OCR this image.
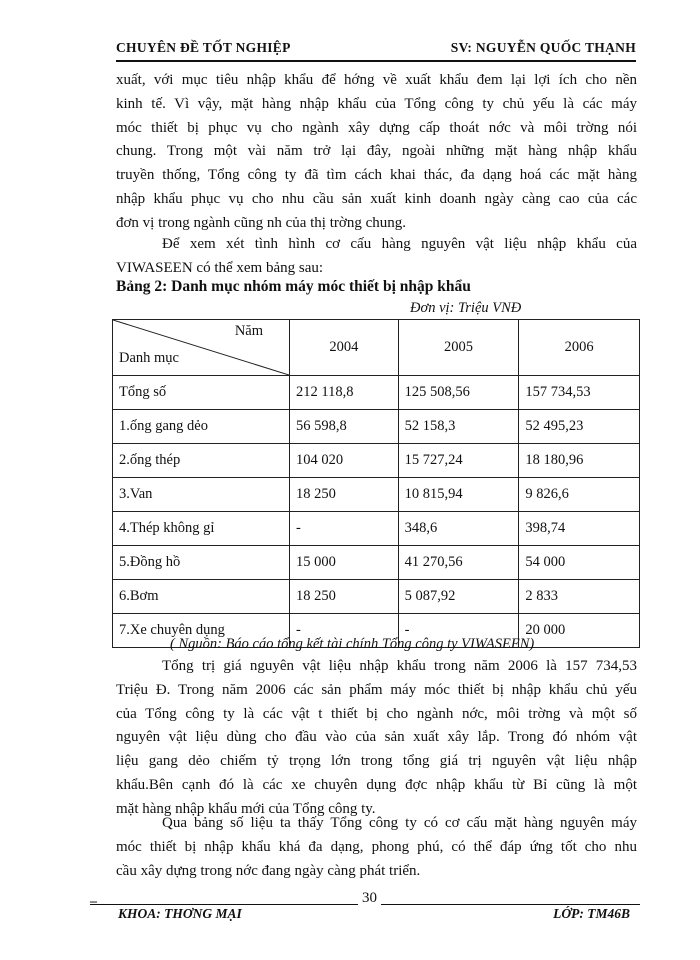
CHUYÊN ĐỀ TỐT NGHIỆP	SV: NGUYỄN QUỐC THẠNH
xuất, với mục tiêu nhập khẩu để hớng về xuất khẩu đem lại lợi ích cho nền
kinh tế. Vì vậy, mặt hàng nhập khẩu của Tổng công ty chủ yếu là các máy
móc thiết bị phục vụ cho ngành xây dựng cấp thoát nớc và môi trờng nói
chung. Trong một vài năm trở lại đây, ngoài những mặt hàng nhập khẩu
truyền thống, Tổng công ty đã tìm cách khai thác, đa dạng hoá các mặt hàng
nhập khẩu phục vụ cho nhu cầu sản xuất kinh doanh ngày càng cao của các
đơn vị trong ngành cũng nh của thị trờng chung.
Để xem xét tình hình cơ cấu hàng nguyên vật liệu nhập khẩu của
VIWASEEN có thể xem bảng sau:

Bảng 2: Danh mục nhóm máy móc thiết bị nhập khẩu

Đơn vị: Triệu VNĐ
Năm
Danh mục	2004	2005	2006
Tổng số	212 118,8	125 508,56	157 734,53
1.ống gang dẻo	56 598,8	52 158,3	52 495,23
2.ống thép	104 020	15 727,24	18 180,96
3.Van	18 250	10 815,94	9 826,6
4.Thép không gỉ	-	348,6	398,74
5.Đồng hồ	15 000	41 270,56	54 000
6.Bơm	18 250	5 087,92	2 833
7.Xe chuyên dụng	-	-	20 000
( Nguồn: Báo cáo tổng kết tài chính Tổng công ty VIWASEEN)
Tổng trị giá nguyên vật liệu nhập khẩu trong năm 2006 là 157 734,53
Triệu Đ. Trong năm 2006 các sản phẩm máy móc thiết bị nhập khẩu chủ yếu
của Tổng công ty là các vật t thiết bị cho ngành nớc, môi trờng và một số
nguyên vật liệu dùng cho đầu vào của sản xuất xây lắp. Trong đó nhóm vật
liệu gang dẻo chiếm tỷ trọng lớn trong tổng giá trị nguyên vật liệu nhập
khẩu.Bên cạnh đó là các xe chuyên dụng đợc nhập khẩu từ Bỉ cũng là một
mặt hàng nhập khẩu mới của Tổng công ty.
Qua bảng số liệu ta thấy Tổng công ty có cơ cấu mặt hàng nguyên máy
móc thiết bị nhập khẩu khá đa dạng, phong phú, có thể đáp ứng tốt cho nhu
cầu xây dựng trong nớc đang ngày càng phát triển.
–
KHOA: THƠNG MẠI
30
LỚP: TM46B
